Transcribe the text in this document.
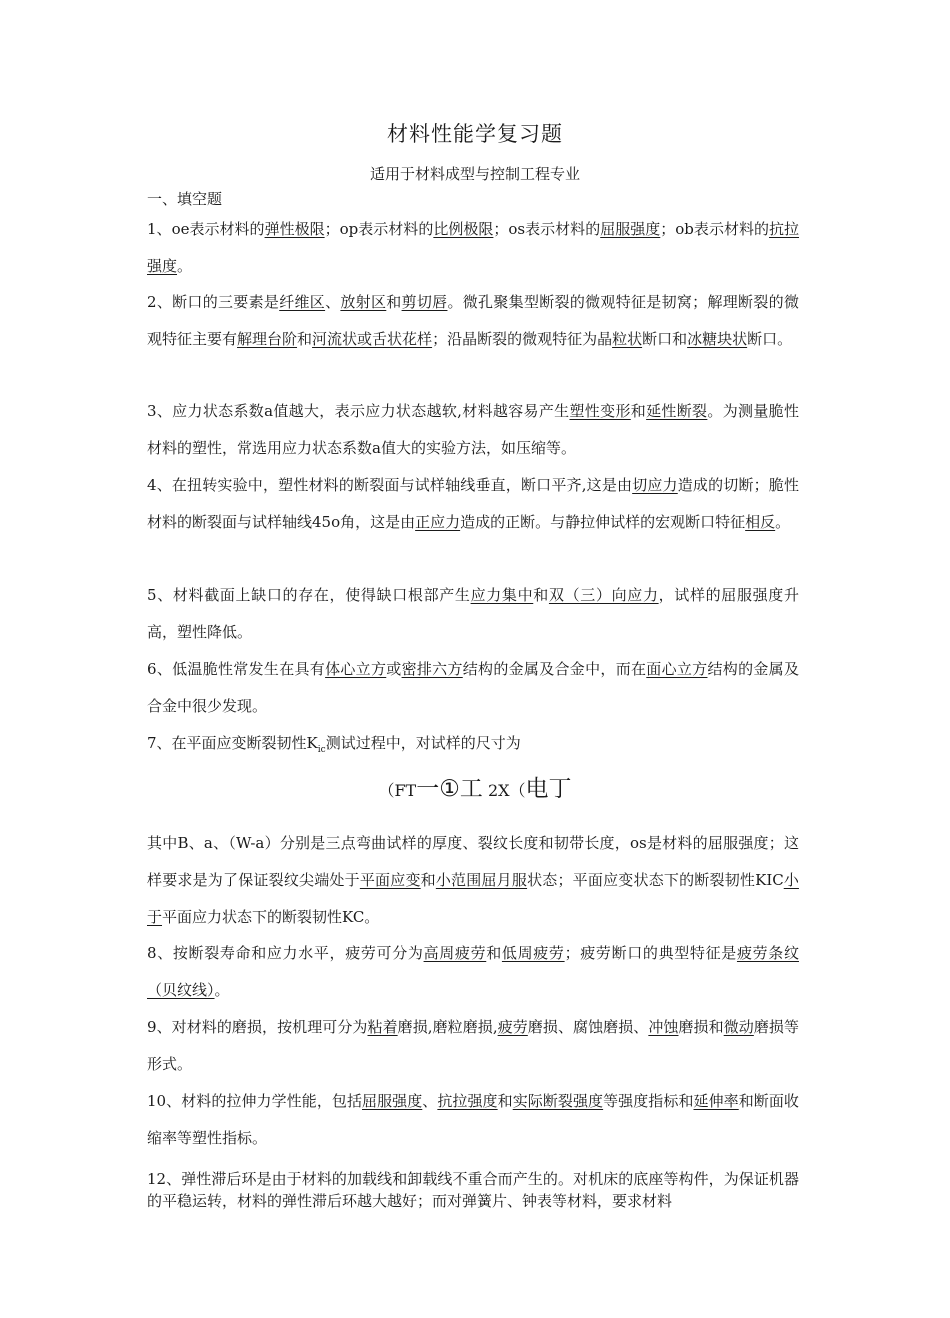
材料性能学复习题
适用于材料成型与控制工程专业
一、填空题
1、oe表示材料的弹性极限；op表示材料的比例极限；os表示材料的屈服强度；ob表示材料的抗拉强度。
2、断口的三要素是纤维区、放射区和剪切唇。微孔聚集型断裂的微观特征是韧窝；解理断裂的微观特征主要有解理台阶和河流状或舌状花样；沿晶断裂的微观特征为晶粒状断口和冰糖块状断口。
3、应力状态系数a值越大，表示应力状态越软,材料越容易产生塑性变形和延性断裂。为测量脆性材料的塑性，常选用应力状态系数a值大的实验方法，如压缩等。
4、在扭转实验中，塑性材料的断裂面与试样轴线垂直，断口平齐,这是由切应力造成的切断；脆性材料的断裂面与试样轴线45o角，这是由正应力造成的正断。与静拉伸试样的宏观断口特征相反。
5、材料截面上缺口的存在，使得缺口根部产生应力集中和双（三）向应力，试样的屈服强度升高，塑性降低。
6、低温脆性常发生在具有体心立方或密排六方结构的金属及合金中，而在面心立方结构的金属及合金中很少发现。
7、在平面应变断裂韧性$K_{ic}$测试过程中，对试样的尺寸为
（FT一①工 2X（电丁
其中B、a、（W-a）分别是三点弯曲试样的厚度、裂纹长度和韧带长度，os是材料的屈服强度；这样要求是为了保证裂纹尖端处于平面应变和小范围屈月服状态；平面应变状态下的断裂韧性KIC小于平面应力状态下的断裂韧性KC。
8、按断裂寿命和应力水平，疲劳可分为高周疲劳和低周疲劳；疲劳断口的典型特征是疲劳条纹（贝纹线）。
9、对材料的磨损，按机理可分为粘着磨损,磨粒磨损,疲劳磨损、腐蚀磨损、冲蚀磨损和微动磨损等形式。
10、材料的拉伸力学性能，包括屈服强度、抗拉强度和实际断裂强度等强度指标和延伸率和断面收缩率等塑性指标。
12、弹性滞后环是由于材料的加载线和卸载线不重合而产生的。对机床的底座等构件，为保证机器的平稳运转，材料的弹性滞后环越大越好；而对弹簧片、钟表等材料，要求材料
